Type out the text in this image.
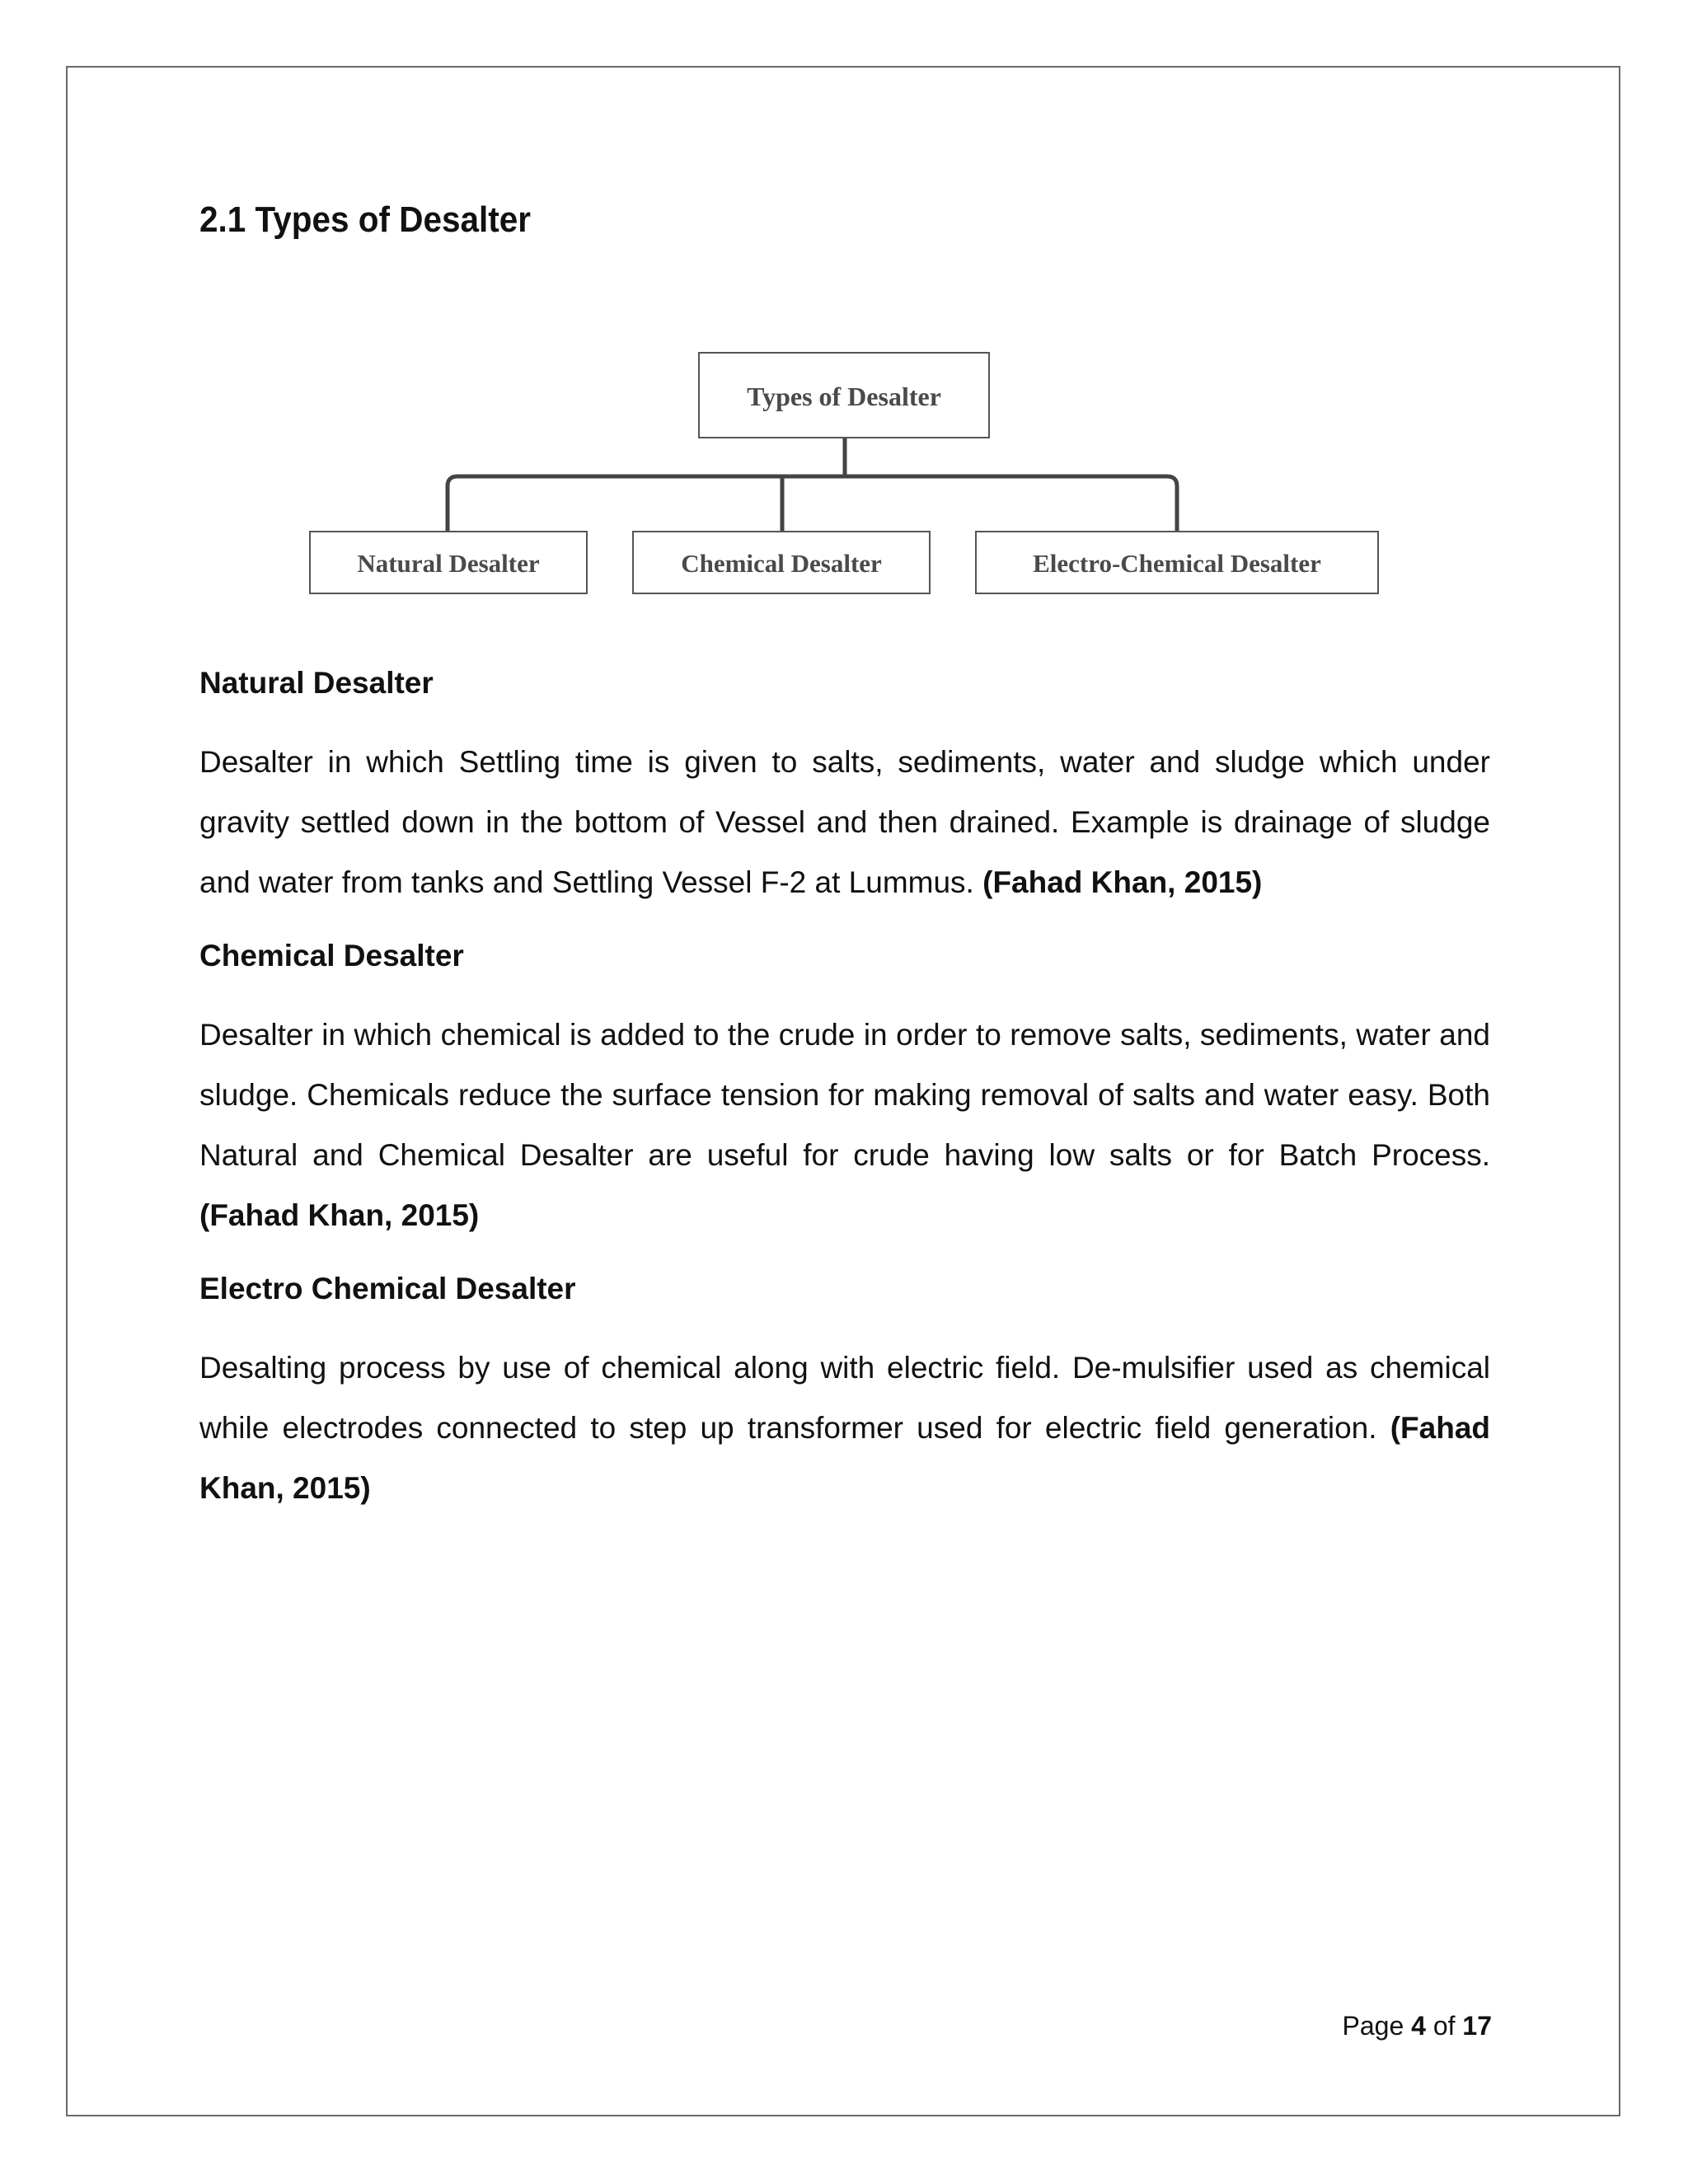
2.1 Types of Desalter
Types of Desalter
Natural Desalter	Chemical Desalter	Electro-Chemical Desalter
Natural Desalter

Desalter in which Settling time is given to salts, sediments, water and sludge which under gravity settled down in the bottom of Vessel and then drained. Example is drainage of sludge and water from tanks and Settling Vessel F-2 at Lummus. (Fahad Khan, 2015)

Chemical Desalter

Desalter in which chemical is added to the crude in order to remove salts, sediments, water and sludge. Chemicals reduce the surface tension for making removal of salts and water easy. Both Natural and Chemical Desalter are useful for crude having low salts or for Batch Process. (Fahad Khan, 2015)

Electro Chemical Desalter

Desalting process by use of chemical along with electric field. De-mulsifier used as chemical while electrodes connected to step up transformer used for electric field generation. (Fahad Khan, 2015)

Page 4 of 17
